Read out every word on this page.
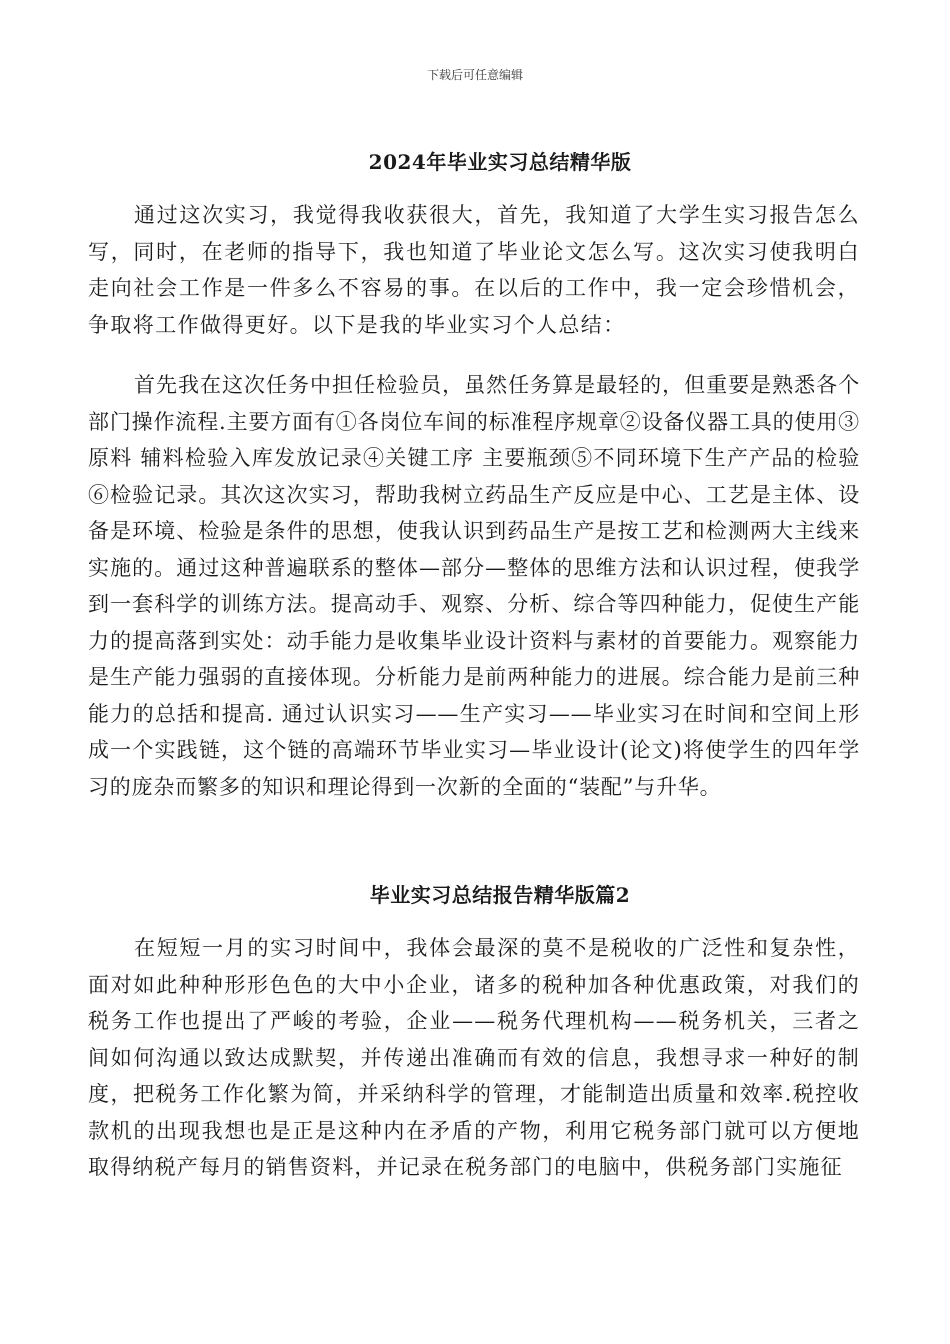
下载后可任意编辑
2024年毕业实习总结精华版
通过这次实习，我觉得我收获很大，首先，我知道了大学生实习报告怎么写，同时，在老师的指导下，我也知道了毕业论文怎么写。这次实习使我明白走向社会工作是一件多么不容易的事。在以后的工作中，我一定会珍惜机会，争取将工作做得更好。以下是我的毕业实习个人总结：
首先我在这次任务中担任检验员，虽然任务算是最轻的，但重要是熟悉各个部门操作流程.主要方面有①各岗位车间的标准程序规章②设备仪器工具的使用③原料 辅料检验入库发放记录④关键工序 主要瓶颈⑤不同环境下生产产品的检验⑥检验记录。其次这次实习，帮助我树立药品生产反应是中心、工艺是主体、设备是环境、检验是条件的思想，使我认识到药品生产是按工艺和检测两大主线来实施的。通过这种普遍联系的整体—部分—整体的思维方法和认识过程，使我学到一套科学的训练方法。提高动手、观察、分析、综合等四种能力，促使生产能力的提高落到实处：动手能力是收集毕业设计资料与素材的首要能力。观察能力是生产能力强弱的直接体现。分析能力是前两种能力的进展。综合能力是前三种能力的总括和提高. 通过认识实习——生产实习——毕业实习在时间和空间上形成一个实践链，这个链的高端环节毕业实习—毕业设计(论文)将使学生的四年学习的庞杂而繁多的知识和理论得到一次新的全面的“装配”与升华。
毕业实习总结报告精华版篇2
在短短一月的实习时间中，我体会最深的莫不是税收的广泛性和复杂性，面对如此种种形形色色的大中小企业，诸多的税种加各种优惠政策，对我们的税务工作也提出了严峻的考验，企业——税务代理机构——税务机关，三者之间如何沟通以致达成默契，并传递出准确而有效的信息，我想寻求一种好的制度，把税务工作化繁为简，并采纳科学的管理，才能制造出质量和效率.税控收款机的出现我想也是正是这种内在矛盾的产物，利用它税务部门就可以方便地取得纳税产每月的销售资料，并记录在税务部门的电脑中，供税务部门实施征
